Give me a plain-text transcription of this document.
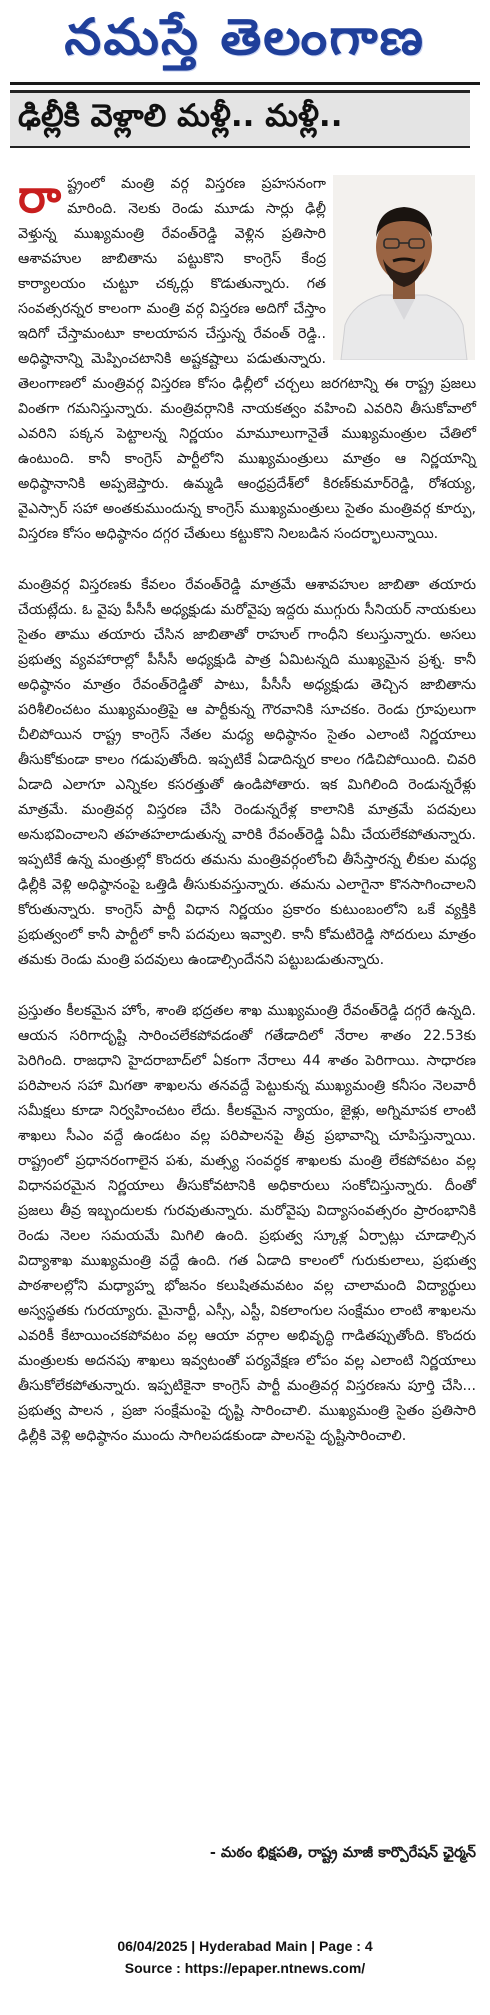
నమస్తే తెలంగాణ
ఢిల్లీకి వెళ్లాలి మళ్లీ.. మళ్లీ..

రా ష్ట్రంలో మంత్రి వర్గ విస్తరణ ప్రహసనంగా మారింది. నెలకు రెండు మూడు సార్లు ఢిల్లీ వెళ్తున్న ముఖ్యమంత్రి రేవంత్‌రెడ్డి వెళ్లిన ప్రతిసారి ఆశావహుల జాబితాను పట్టుకొని కాంగ్రెస్‌ కేంద్ర కార్యాలయం చుట్టూ చక్కర్లు కొడుతున్నారు. గత సంవత్సరన్నర కాలంగా మంత్రి వర్గ విస్తరణ అదిగో చేస్తాం ఇదిగో చేస్తామంటూ కాలయాపన చేస్తున్న రేవంత్‌ రెడ్డి.. అధిష్ఠానాన్ని మెప్పించటానికి అష్టకష్టాలు పడుతున్నారు. తెలంగాణలో మంత్రివర్గ విస్తరణ కోసం ఢిల్లీలో చర్చలు జరగటాన్ని ఈ రాష్ట్ర ప్రజలు వింతగా గమనిస్తున్నారు. మంత్రివర్గానికి నాయకత్వం వహించి ఎవరిని తీసుకోవాలో ఎవరిని పక్కన పెట్టాలన్న నిర్ణయం మామూలుగానైతే ముఖ్యమంత్రుల చేతిలో ఉంటుంది. కానీ కాంగ్రెస్‌ పార్టీలోని ముఖ్యమంత్రులు మాత్రం ఆ నిర్ణయాన్ని అధిష్ఠానానికి అప్పజెప్తారు. ఉమ్మడి ఆంధ్రప్రదేశ్‌లో కిరణ్‌కుమార్‌రెడ్డి, రోశయ్య, వైఎస్సార్‌ సహా అంతకుముందున్న కాంగ్రెస్‌ ముఖ్యమంత్రులు సైతం మంత్రివర్గ కూర్పు, విస్తరణ కోసం అధిష్ఠానం దగ్గర చేతులు కట్టుకొని నిలబడిన సందర్భాలున్నాయి.

మంత్రివర్గ విస్తరణకు కేవలం రేవంత్‌రెడ్డి మాత్రమే ఆశావహుల జాబితా తయారు చేయట్లేదు. ఓ వైపు పీసీసీ అధ్యక్షుడు మరోవైపు ఇద్దరు ముగ్గురు సీనియర్‌ నాయకులు సైతం తాము తయారు చేసిన జాబితాతో రాహుల్‌ గాంధీని కలుస్తున్నారు. అసలు ప్రభుత్వ వ్యవహారాల్లో పీసీసీ అధ్యక్షుడి పాత్ర ఏమిటన్నది ముఖ్యమైన ప్రశ్న. కానీ అధిష్ఠానం మాత్రం రేవంత్‌రెడ్డితో పాటు, పీసీసీ అధ్యక్షుడు తెచ్చిన జాబితాను పరిశీలించటం ముఖ్యమంత్రిపై ఆ పార్టీకున్న గౌరవానికి సూచకం. రెండు గ్రూపులుగా చీలిపోయిన రాష్ట్ర కాంగ్రెస్‌ నేతల మధ్య అధిష్ఠానం సైతం ఎలాంటి నిర్ణయాలు తీసుకోకుండా కాలం గడుపుతోంది. ఇప్పటికే ఏడాదిన్నర కాలం గడిచిపోయింది. చివరి ఏడాది ఎలాగూ ఎన్నికల కసరత్తుతో ఉండిపోతారు. ఇక మిగిలింది రెండున్నరేళ్లు మాత్రమే. మంత్రివర్గ విస్తరణ చేసి రెండున్నరేళ్ల కాలానికి మాత్రమే పదవులు అనుభవించాలని తహతహలాడుతున్న వారికి రేవంత్‌రెడ్డి ఏమీ చేయలేకపోతున్నారు. ఇప్పటికే ఉన్న మంత్రుల్లో కొందరు తమను మంత్రివర్గంలోంచి తీసేస్తారన్న లీకుల మధ్య ఢిల్లీకి వెళ్లి అధిష్ఠానంపై ఒత్తిడి తీసుకువస్తున్నారు. తమను ఎలాగైనా కొనసాగించాలని కోరుతున్నారు. కాంగ్రెస్‌ పార్టీ విధాన నిర్ణయం ప్రకారం కుటుంబంలోని ఒకే వ్యక్తికి ప్రభుత్వంలో కానీ పార్టీలో కానీ పదవులు ఇవ్వాలి. కానీ కోమటిరెడ్డి సోదరులు మాత్రం తమకు రెండు మంత్రి పదవులు ఉండాల్సిందేనని పట్టుబడుతున్నారు.

ప్రస్తుతం కీలకమైన హోం, శాంతి భద్రతల శాఖ ముఖ్యమంత్రి రేవంత్‌రెడ్డి దగ్గరే ఉన్నది. ఆయన సరిగాదృష్టి సారించలేకపోవడంతో గతేడాదిలో నేరాల శాతం 22.53కు పెరిగింది. రాజధాని హైదరాబాద్‌లో ఏకంగా నేరాలు 44 శాతం పెరిగాయి. సాధారణ పరిపాలన సహా మిగతా శాఖలను తనవద్దే పెట్టుకున్న ముఖ్యమంత్రి కనీసం నెలవారీ సమీక్షలు కూడా నిర్వహించటం లేదు. కీలకమైన న్యాయం, జైళ్లు, అగ్నిమాపక లాంటి శాఖలు సీఎం వద్దే ఉండటం వల్ల పరిపాలనపై తీవ్ర ప్రభావాన్ని చూపిస్తున్నాయి. రాష్ట్రంలో ప్రధానరంగాలైన పశు, మత్స్య సంవర్ధక శాఖలకు మంత్రి లేకపోవటం వల్ల విధానపరమైన నిర్ణయాలు తీసుకోవటానికి అధికారులు సంకోచిస్తున్నారు. దీంతో ప్రజలు తీవ్ర ఇబ్బందులకు గురవుతున్నారు. మరోవైపు విద్యాసంవత్సరం ప్రారంభానికి రెండు నెలల సమయమే మిగిలి ఉంది. ప్రభుత్వ స్కూళ్ల ఏర్పాట్లు చూడాల్సిన విద్యాశాఖ ముఖ్యమంత్రి వద్దే ఉంది. గత ఏడాది కాలంలో గురుకులాలు, ప్రభుత్వ పాఠశాలల్లోని మధ్యాహ్న భోజనం కలుషితమవటం వల్ల చాలామంది విద్యార్థులు అస్వస్థతకు గురయ్యారు. మైనార్టీ, ఎస్సీ, ఎస్టీ, వికలాంగుల సంక్షేమం లాంటి శాఖలను ఎవరికీ కేటాయించకపోవటం వల్ల ఆయా వర్గాల అభివృద్ధి గాడితప్పుతోంది. కొందరు మంత్రులకు అదనపు శాఖలు ఇవ్వటంతో పర్యవేక్షణ లోపం వల్ల ఎలాంటి నిర్ణయాలు తీసుకోలేకపోతున్నారు. ఇప్పటికైనా కాంగ్రెస్‌ పార్టీ మంత్రివర్గ విస్తరణను పూర్తి చేసి... ప్రభుత్వ పాలన , ప్రజా సంక్షేమంపై దృష్టి సారించాలి. ముఖ్యమంత్రి సైతం ప్రతిసారి ఢిల్లీకి వెళ్లి అధిష్ఠానం ముందు సాగిలపడకుండా పాలనపై దృష్టిసారించాలి.

- మఠం భిక్షపతి, రాష్ట్ర మాజీ కార్పొరేషన్‌ ఛైర్మన్‌
06/04/2025 | Hyderabad Main | Page : 4
Source : https://epaper.ntnews.com/
